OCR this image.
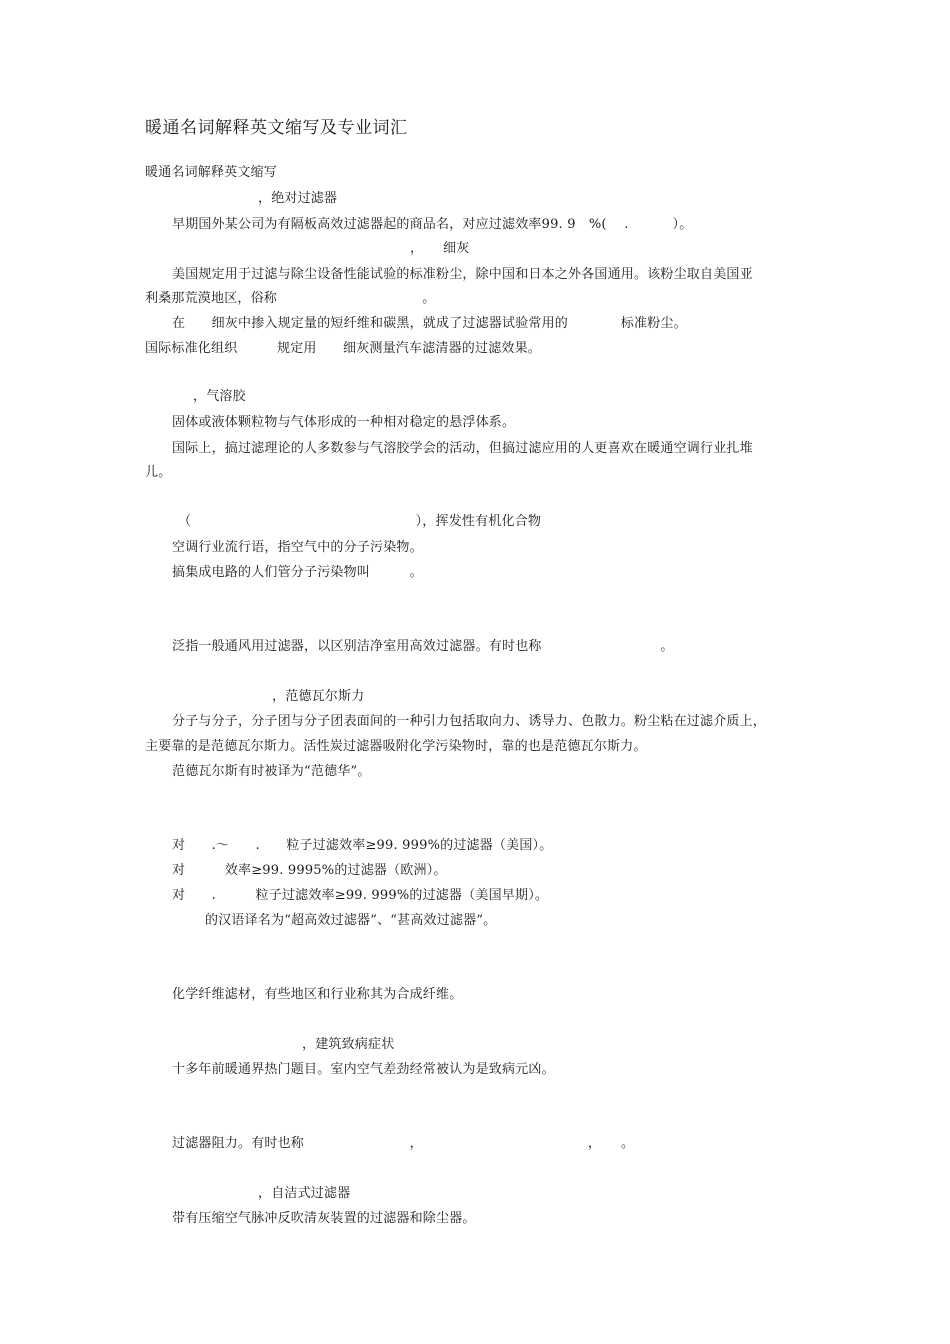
暖通名词解释英文缩写及专业词汇
暖通名词解释英文缩写
，绝对过滤器
早期国外某公司为有隔板高效过滤器起的商品名，对应过滤效率99. 9　%(　 .　　　 ）。
，　　细灰
美国规定用于过滤与除尘设备性能试验的标准粉尘，除中国和日本之外各国通用。该粉尘取自美国亚
利桑那荒漠地区，俗称　　　　　　　　　　　。
在　　细灰中掺入规定量的短纤维和碳黑，就成了过滤器试验常用的　　　　标准粉尘。
国际标准化组织　　　规定用　　细灰测量汽车滤清器的过滤效果。
，气溶胶
固体或液体颗粒物与气体形成的一种相对稳定的悬浮体系。
国际上，搞过滤理论的人多数参与气溶胶学会的活动，但搞过滤应用的人更喜欢在暖通空调行业扎堆
儿。
（　　　　　　　　　　　　　　　　　），挥发性有机化合物
空调行业流行语，指空气中的分子污染物。
搞集成电路的人们管分子污染物叫　　　。
泛指一般通风用过滤器，以区别洁净室用高效过滤器。有时也称　　　　　　　　　。
，范德瓦尔斯力
分子与分子，分子团与分子团表面间的一种引力包括取向力、诱导力、色散力。粉尘粘在过滤介质上，
主要靠的是范德瓦尔斯力。活性炭过滤器吸附化学污染物时，靠的也是范德瓦尔斯力。
范德瓦尔斯有时被译为“范德华”。
对　　.～　　.　　粒子过滤效率≥99. 999%的过滤器（美国）。
对　　　效率≥99. 9995%的过滤器（欧洲）。
对　　.　　　粒子过滤效率≥99. 999%的过滤器（美国早期）。
的汉语译名为“超高效过滤器”、“甚高效过滤器”。
化学纤维滤材，有些地区和行业称其为合成纤维。
，建筑致病症状
十多年前暖通界热门题目。室内空气差劲经常被认为是致病元凶。
过滤器阻力。有时也称　　　　　　　　，　　　　　　　　　　　　　，　　。
，自洁式过滤器
带有压缩空气脉冲反吹清灰装置的过滤器和除尘器。
